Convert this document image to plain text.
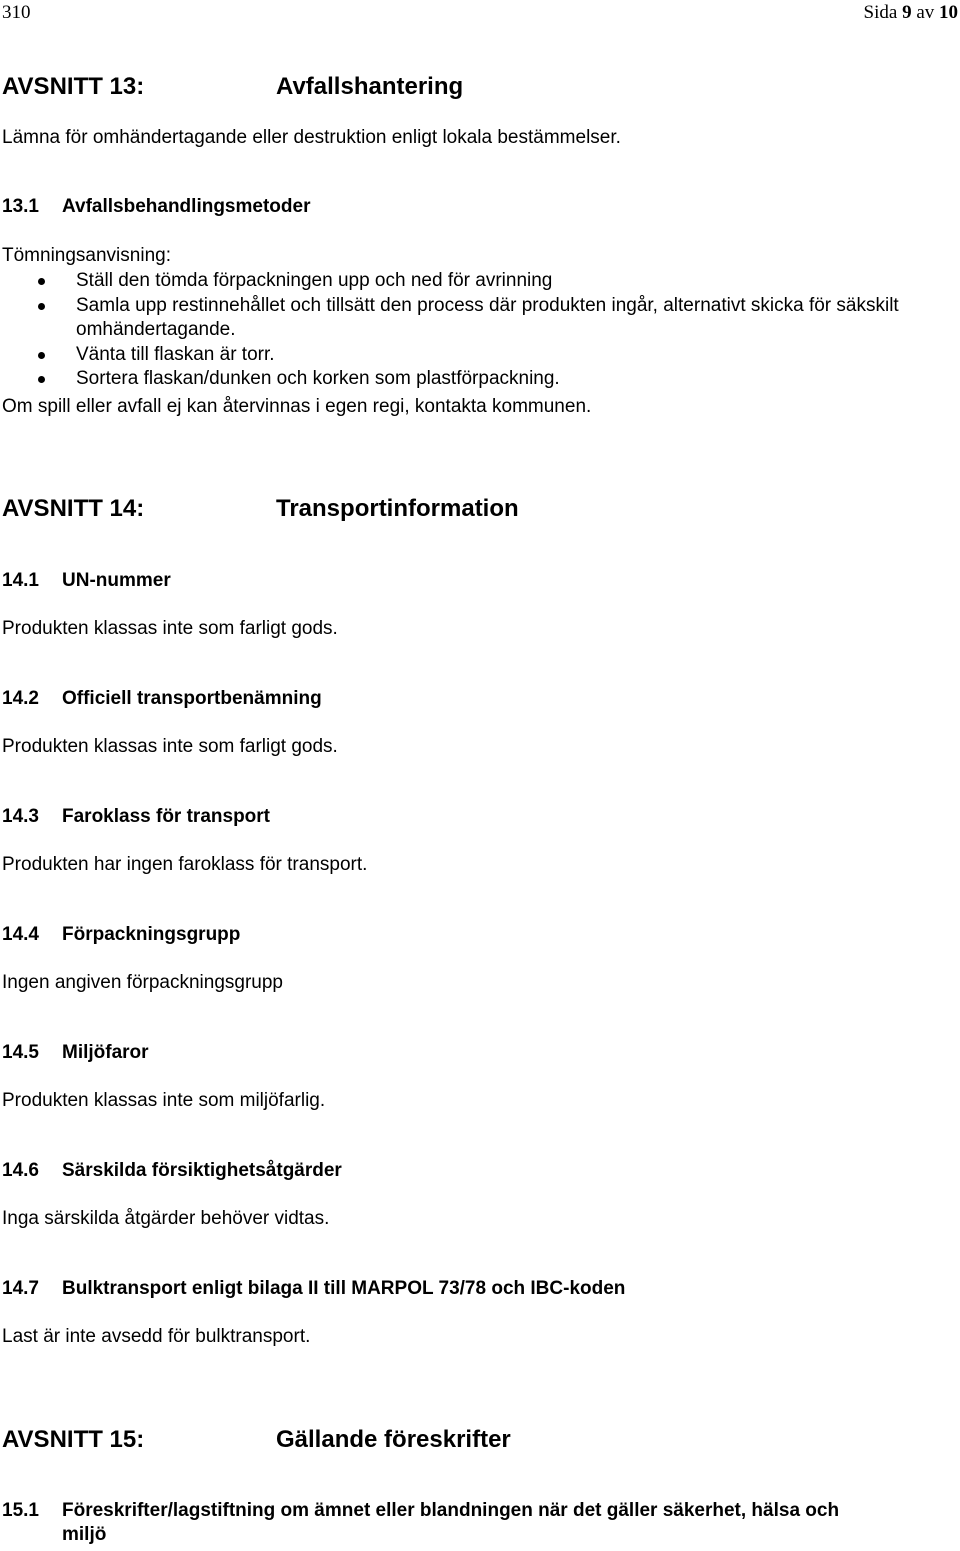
310	Sida 9 av 10
AVSNITT 13:	Avfallshantering
Lämna för omhändertagande eller destruktion enligt lokala bestämmelser.
13.1 Avfallsbehandlingsmetoder
Tömningsanvisning:
Ställ den tömda förpackningen upp och ned för avrinning
Samla upp restinnehållet och tillsätt den process där produkten ingår, alternativt skicka för säkskilt omhändertagande.
Vänta till flaskan är torr.
Sortera flaskan/dunken och korken som plastförpackning.
Om spill eller avfall ej kan återvinnas i egen regi, kontakta kommunen.
AVSNITT 14:	Transportinformation
14.1 UN-nummer
Produkten klassas inte som farligt gods.
14.2 Officiell transportbenämning
Produkten klassas inte som farligt gods.
14.3 Faroklass för transport
Produkten har ingen faroklass för transport.
14.4 Förpackningsgrupp
Ingen angiven förpackningsgrupp
14.5 Miljöfaror
Produkten klassas inte som miljöfarlig.
14.6 Särskilda försiktighetsåtgärder
Inga särskilda åtgärder behöver vidtas.
14.7 Bulktransport enligt bilaga II till MARPOL 73/78 och IBC-koden
Last är inte avsedd för bulktransport.
AVSNITT 15:	Gällande föreskrifter
15.1 Föreskrifter/lagstiftning om ämnet eller blandningen när det gäller säkerhet, hälsa och
miljö
